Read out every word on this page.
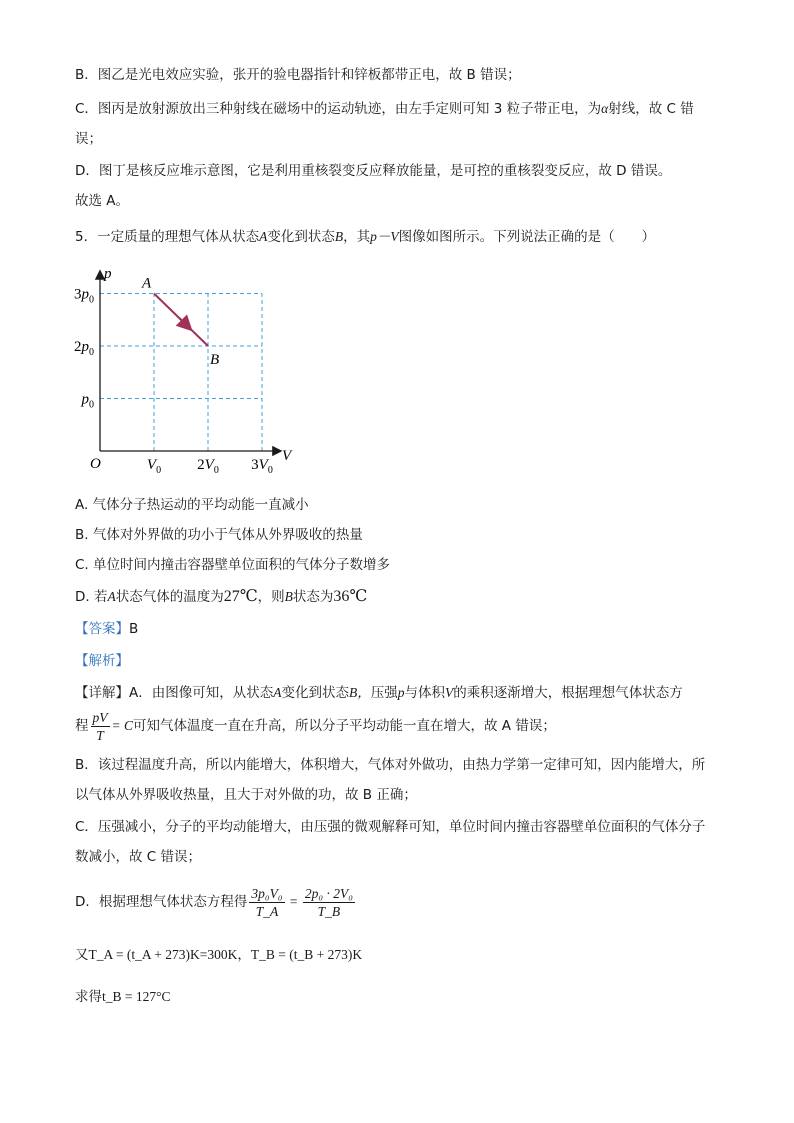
B．图乙是光电效应实验，张开的验电器指针和锌板都带正电，故 B 错误；
C．图丙是放射源放出三种射线在磁场中的运动轨迹，由左手定则可知 3 粒子带正电，为α射线，故 C 错
误；
D．图丁是核反应堆示意图，它是利用重核裂变反应释放能量，是可控的重核裂变反应，故 D 错误。
故选 A。
5．一定质量的理想气体从状态A变化到状态B，其p－V图像如图所示。下列说法正确的是（　　）
p
V
O
$3p_0$
$2p_0$
$p_0$
$V_0$ $2V_0$ $3V_0$
A
B
A. 气体分子热运动的平均动能一直减小
B. 气体对外界做的功小于气体从外界吸收的热量
C. 单位时间内撞击容器壁单位面积的气体分子数增多
D. 若A状态气体的温度为27℃，则B状态为36℃
【答案】B
【解析】
【详解】A．由图像可知，从状态A变化到状态B，压强p与体积V的乘积逐渐增大，根据理想气体状态方
程 $\frac{pV}{T} = C$可知气体温度一直在升高，所以分子平均动能一直在增大，故 A 错误；
B．该过程温度升高，所以内能增大，体积增大，气体对外做功，由热力学第一定律可知，因内能增大，所
以气体从外界吸收热量，且大于对外做的功，故 B 正确；
C．压强减小，分子的平均动能增大，由压强的微观解释可知，单位时间内撞击容器壁单位面积的气体分子
数减小，故 C 错误；
D．根据理想气体状态方程得 $\frac{\text{3p₀V₀}}{T\_A} = \frac{\text{2p₀ · 2V₀}}{T\_B}$
又T_A = (t_A + 273)K=300K，T_B = (t_B + 273)K
求得t_B = 127°C
